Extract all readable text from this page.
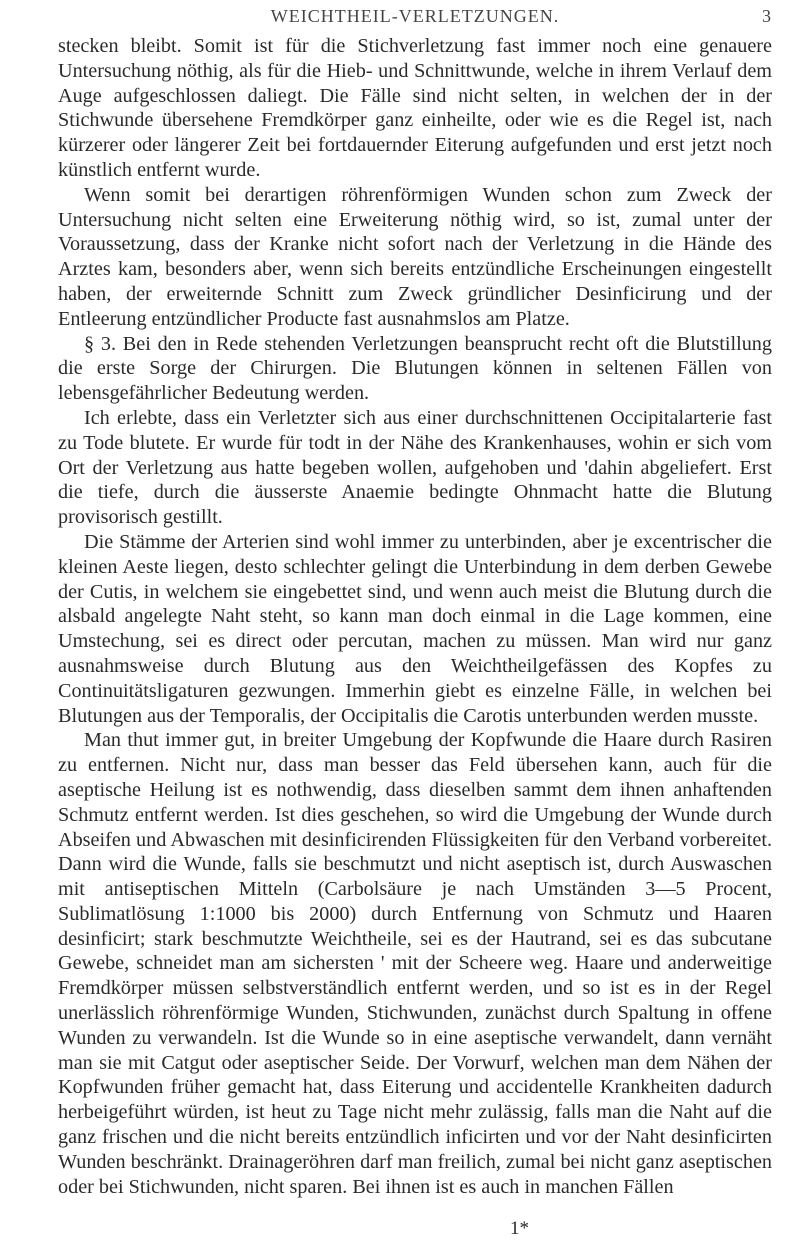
WEICHTHEIL-VERLETZUNGEN.	3

stecken bleibt. Somit ist für die Stichverletzung fast immer noch eine genauere Untersuchung nöthig, als für die Hieb- und Schnittwunde, welche in ihrem Verlauf dem Auge aufgeschlossen daliegt. Die Fälle sind nicht selten, in welchen der in der Stichwunde übersehene Fremdkörper ganz einheilte, oder wie es die Regel ist, nach kürzerer oder längerer Zeit bei fortdauernder Eiterung aufgefunden und erst jetzt noch künstlich entfernt wurde.

Wenn somit bei derartigen röhrenförmigen Wunden schon zum Zweck der Untersuchung nicht selten eine Erweiterung nöthig wird, so ist, zumal unter der Voraussetzung, dass der Kranke nicht sofort nach der Verletzung in die Hände des Arztes kam, besonders aber, wenn sich bereits entzündliche Erscheinungen eingestellt haben, der erweiternde Schnitt zum Zweck gründlicher Desinficirung und der Entleerung entzündlicher Producte fast ausnahmslos am Platze.

§ 3. Bei den in Rede stehenden Verletzungen beansprucht recht oft die Blutstillung die erste Sorge der Chirurgen. Die Blutungen können in seltenen Fällen von lebensgefährlicher Bedeutung werden.

Ich erlebte, dass ein Verletzter sich aus einer durchschnittenen Occipitalarterie fast zu Tode blutete. Er wurde für todt in der Nähe des Krankenhauses, wohin er sich vom Ort der Verletzung aus hatte begeben wollen, aufgehoben und 'dahin abgeliefert. Erst die tiefe, durch die äusserste Anaemie bedingte Ohnmacht hatte die Blutung provisorisch gestillt.

Die Stämme der Arterien sind wohl immer zu unterbinden, aber je excentrischer die kleinen Aeste liegen, desto schlechter gelingt die Unterbindung in dem derben Gewebe der Cutis, in welchem sie eingebettet sind, und wenn auch meist die Blutung durch die alsbald angelegte Naht steht, so kann man doch einmal in die Lage kommen, eine Umstechung, sei es direct oder percutan, machen zu müssen. Man wird nur ganz ausnahmsweise durch Blutung aus den Weichtheilgefässen des Kopfes zu Continuitätsligaturen gezwungen. Immerhin giebt es einzelne Fälle, in welchen bei Blutungen aus der Temporalis, der Occipitalis die Carotis unterbunden werden musste.

Man thut immer gut, in breiter Umgebung der Kopfwunde die Haare durch Rasiren zu entfernen. Nicht nur, dass man besser das Feld übersehen kann, auch für die aseptische Heilung ist es nothwendig, dass dieselben sammt dem ihnen anhaftenden Schmutz entfernt werden. Ist dies geschehen, so wird die Umgebung der Wunde durch Abseifen und Abwaschen mit desinficirenden Flüssigkeiten für den Verband vorbereitet. Dann wird die Wunde, falls sie beschmutzt und nicht aseptisch ist, durch Auswaschen mit antiseptischen Mitteln (Carbolsäure je nach Umständen 3—5 Procent, Sublimatlösung 1:1000 bis 2000) durch Entfernung von Schmutz und Haaren desinficirt; stark beschmutzte Weichtheile, sei es der Hautrand, sei es das subcutane Gewebe, schneidet man am sichersten ' mit der Scheere weg. Haare und anderweitige Fremdkörper müssen selbstverständlich entfernt werden, und so ist es in der Regel unerlässlich röhrenförmige Wunden, Stichwunden, zunächst durch Spaltung in offene Wunden zu verwandeln. Ist die Wunde so in eine aseptische verwandelt, dann vernäht man sie mit Catgut oder aseptischer Seide. Der Vorwurf, welchen man dem Nähen der Kopfwunden früher gemacht hat, dass Eiterung und accidentelle Krankheiten dadurch herbeigeführt würden, ist heut zu Tage nicht mehr zulässig, falls man die Naht auf die ganz frischen und die nicht bereits entzündlich inficirten und vor der Naht desinficirten Wunden beschränkt. Drainageröhren darf man freilich, zumal bei nicht ganz aseptischen oder bei Stichwunden, nicht sparen. Bei ihnen ist es auch in manchen Fällen

1*
